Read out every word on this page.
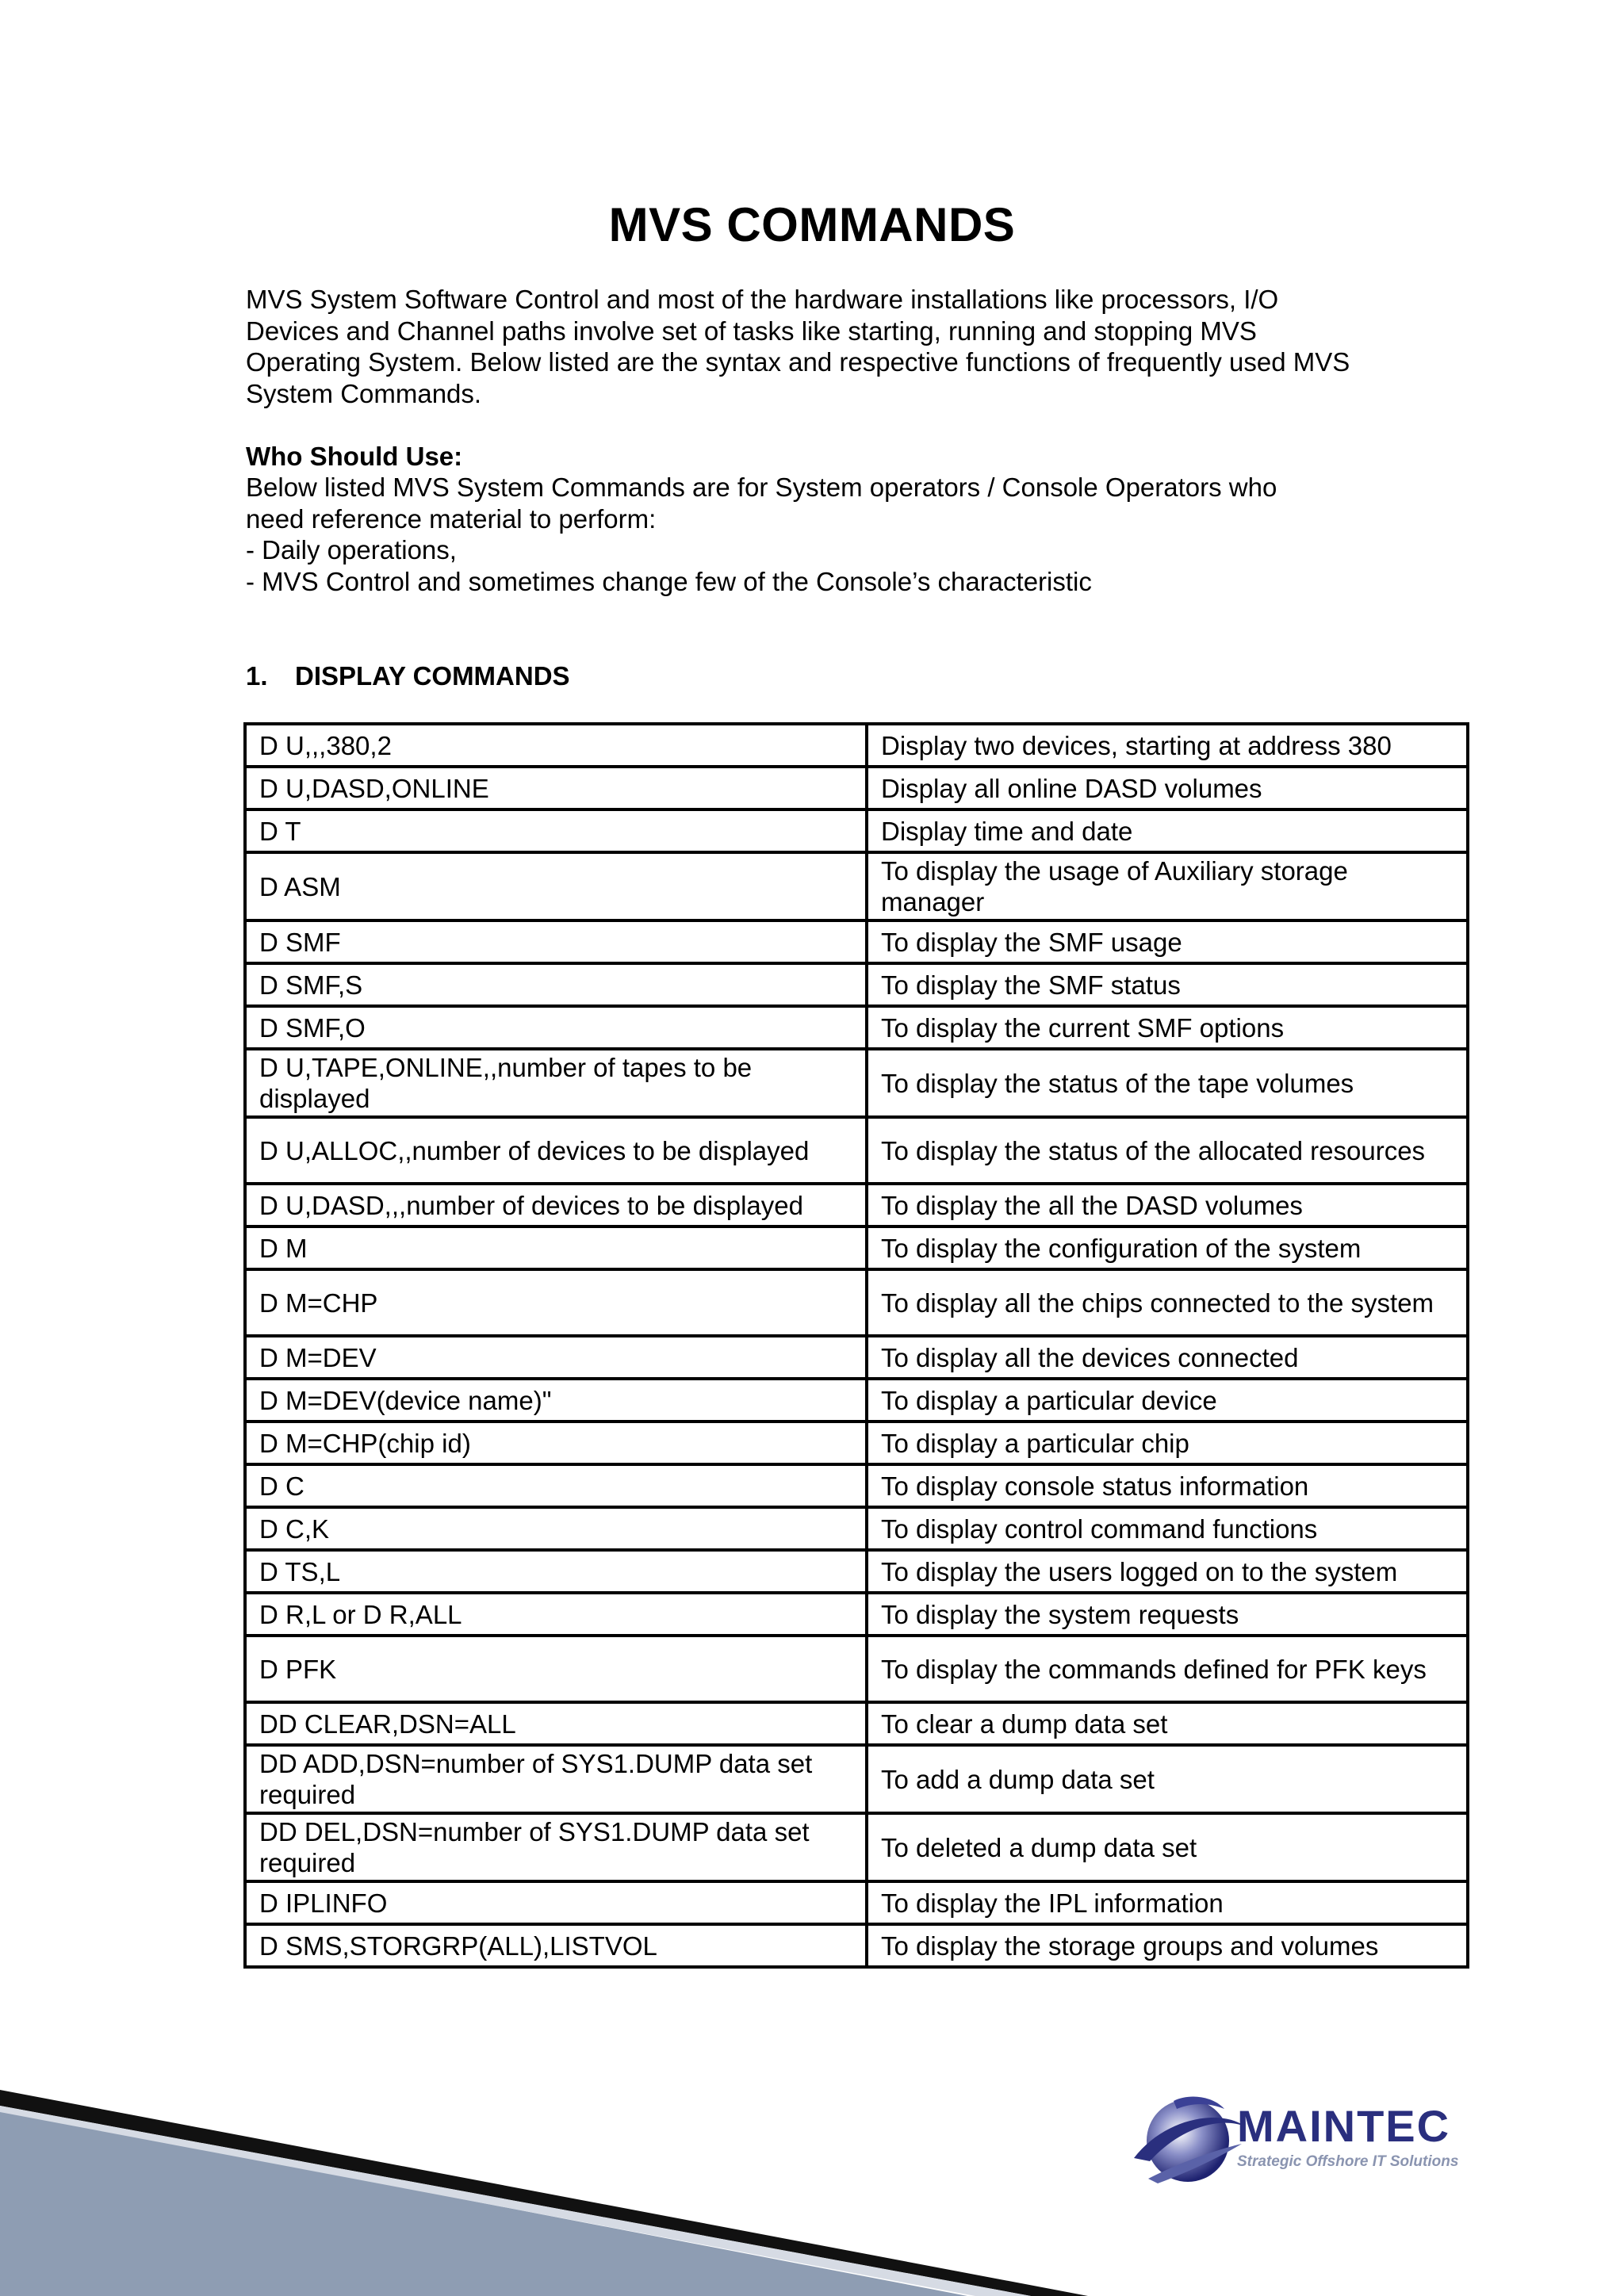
MVS COMMANDS

MVS System Software Control and most of the hardware installations like processors, I/O Devices and Channel paths involve set of tasks like starting, running and stopping MVS Operating System. Below listed are the syntax and respective functions of frequently used MVS System Commands.

Who Should Use:
Below listed MVS System Commands are for System operators / Console Operators who
need reference material to perform:
- Daily operations,
- MVS Control and sometimes change few of the Console’s characteristic
1. DISPLAY COMMANDS
D U,,,380,2	Display two devices, starting at address 380
D U,DASD,ONLINE	Display all online DASD volumes
D T	Display time and date
D ASM	To display the usage of Auxiliary storage manager
D SMF	To display the SMF usage
D SMF,S	To display the SMF status
D SMF,O	To display the current SMF options
D U,TAPE,ONLINE,,number of tapes to be displayed	To display the status of the tape volumes
D U,ALLOC,,number of devices to be displayed	To display the status of the allocated resources
D U,DASD,,,number of devices to be displayed	To display the all the DASD volumes
D M	To display the configuration of the system
D M=CHP	To display all the chips connected to the system
D M=DEV	To display all the devices connected
D M=DEV(device name)"	To display a particular device
D M=CHP(chip id)	To display a particular chip
D C	To display console status information
D C,K	To display control command functions
D TS,L	To display the users logged on to the system
D R,L or D R,ALL	To display the system requests
D PFK	To display the commands defined for PFK keys
DD CLEAR,DSN=ALL	To clear a dump data set
DD ADD,DSN=number of SYS1.DUMP data set required	To add a dump data set
DD DEL,DSN=number of SYS1.DUMP data set required	To deleted a dump data set
D IPLINFO	To display the IPL information
D SMS,STORGRP(ALL),LISTVOL	To display the storage groups and volumes
MAINTEC
Strategic Offshore IT Solutions
